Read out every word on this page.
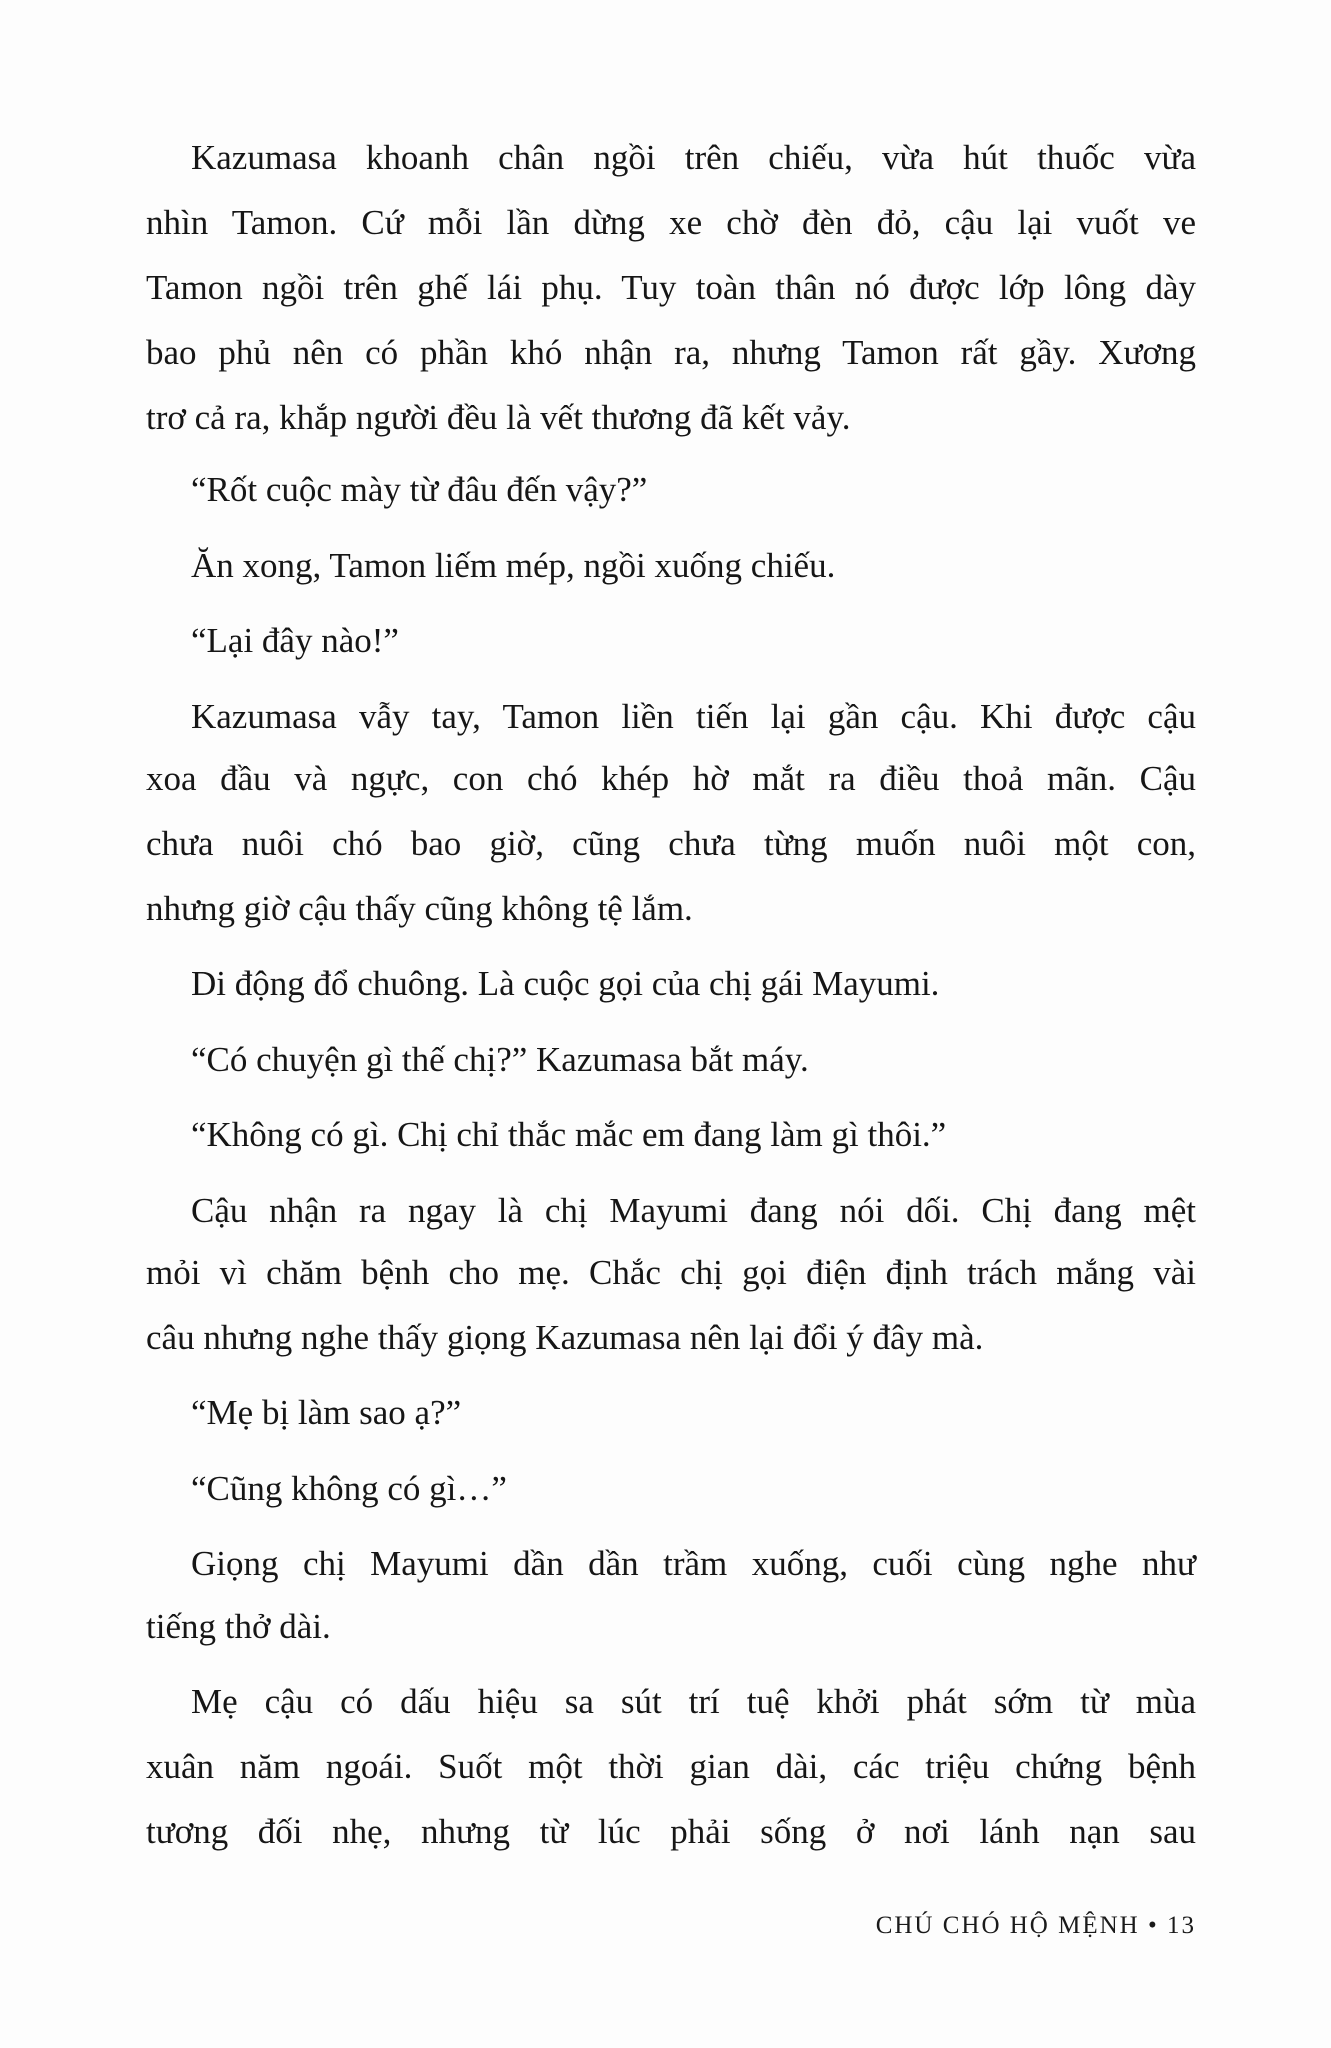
Kazumasa khoanh chân ngồi trên chiếu, vừa hút thuốc vừa
nhìn Tamon. Cứ mỗi lần dừng xe chờ đèn đỏ, cậu lại vuốt ve
Tamon ngồi trên ghế lái phụ. Tuy toàn thân nó được lớp lông dày
bao phủ nên có phần khó nhận ra, nhưng Tamon rất gầy. Xương
trơ cả ra, khắp người đều là vết thương đã kết vảy.
“Rốt cuộc mày từ đâu đến vậy?”
Ăn xong, Tamon liếm mép, ngồi xuống chiếu.
“Lại đây nào!”
Kazumasa vẫy tay, Tamon liền tiến lại gần cậu. Khi được cậu
xoa đầu và ngực, con chó khép hờ mắt ra điều thoả mãn. Cậu
chưa nuôi chó bao giờ, cũng chưa từng muốn nuôi một con,
nhưng giờ cậu thấy cũng không tệ lắm.
Di động đổ chuông. Là cuộc gọi của chị gái Mayumi.
“Có chuyện gì thế chị?” Kazumasa bắt máy.
“Không có gì. Chị chỉ thắc mắc em đang làm gì thôi.”
Cậu nhận ra ngay là chị Mayumi đang nói dối. Chị đang mệt
mỏi vì chăm bệnh cho mẹ. Chắc chị gọi điện định trách mắng vài
câu nhưng nghe thấy giọng Kazumasa nên lại đổi ý đây mà.
“Mẹ bị làm sao ạ?”
“Cũng không có gì…”
Giọng chị Mayumi dần dần trầm xuống, cuối cùng nghe như
tiếng thở dài.
Mẹ cậu có dấu hiệu sa sút trí tuệ khởi phát sớm từ mùa
xuân năm ngoái. Suốt một thời gian dài, các triệu chứng bệnh
tương đối nhẹ, nhưng từ lúc phải sống ở nơi lánh nạn sau
CHÚ CHÓ HỘ MỆNH • 13
